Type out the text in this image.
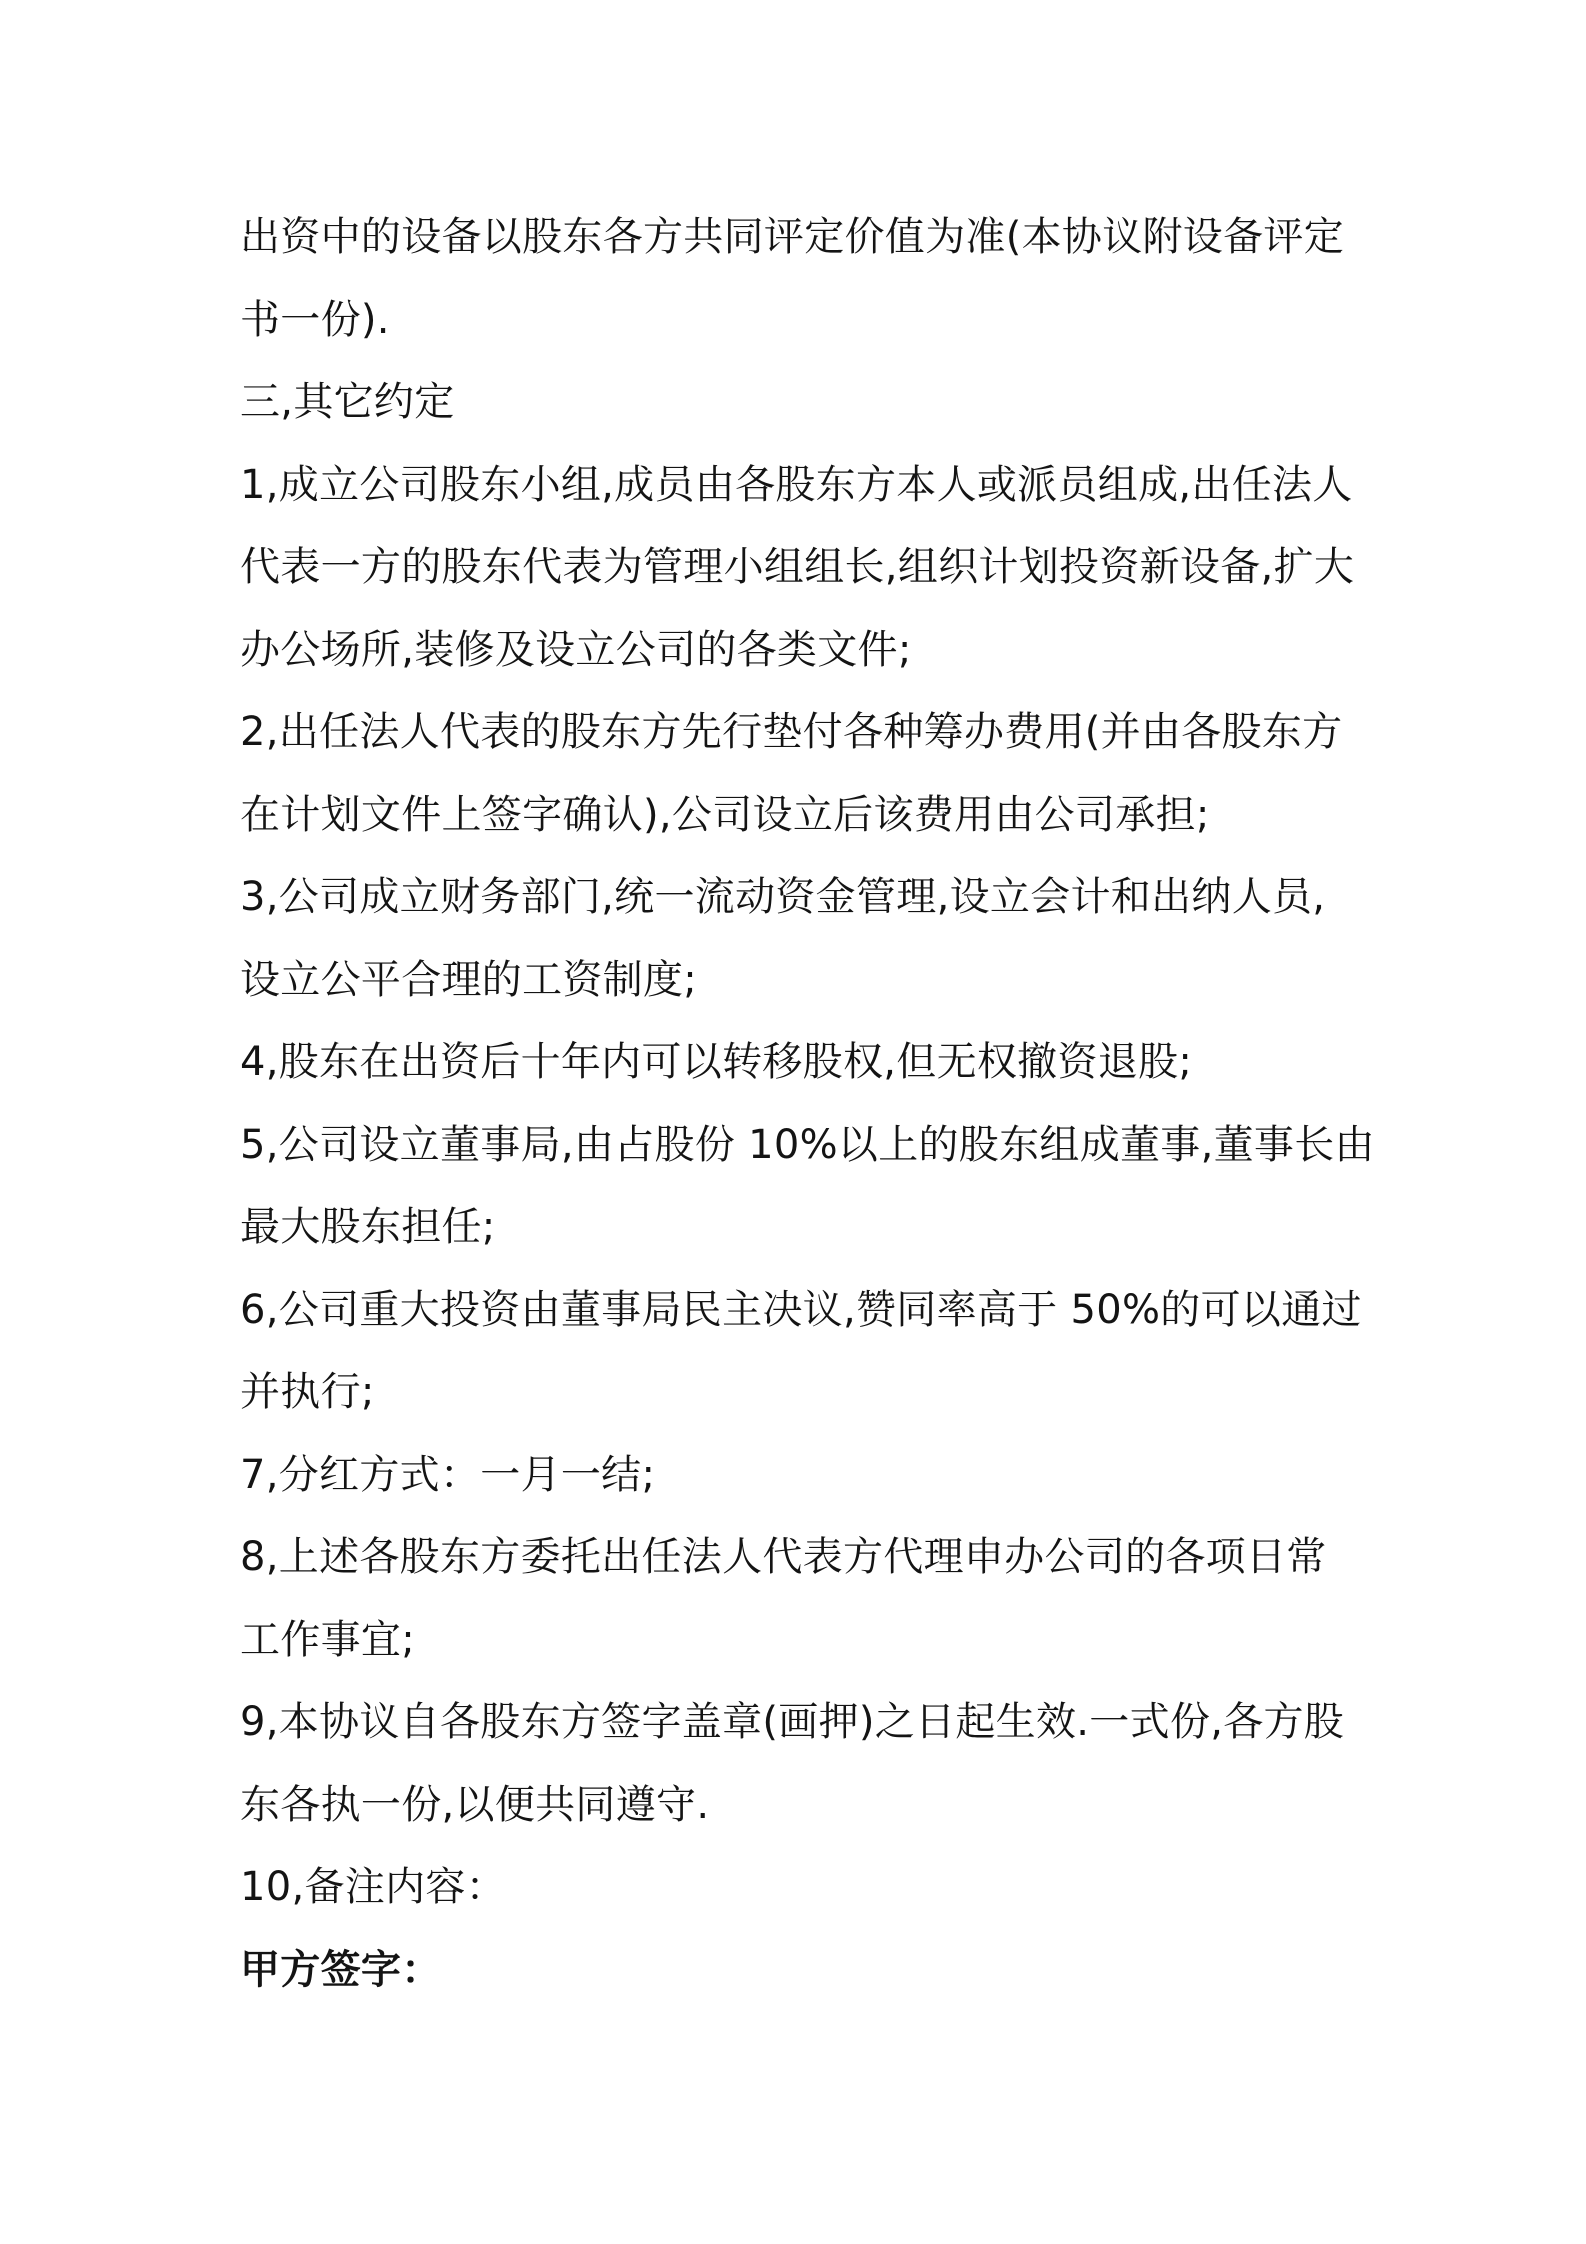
出资中的设备以股东各方共同评定价值为准(本协议附设备评定
书一份).

三,其它约定

1,成立公司股东小组,成员由各股东方本人或派员组成,出任法人
代表一方的股东代表为管理小组组长,组织计划投资新设备,扩大
办公场所,装修及设立公司的各类文件;

2,出任法人代表的股东方先行垫付各种筹办费用(并由各股东方
在计划文件上签字确认),公司设立后该费用由公司承担;

3,公司成立财务部门,统一流动资金管理,设立会计和出纳人员,
设立公平合理的工资制度;

4,股东在出资后十年内可以转移股权,但无权撤资退股;

5,公司设立董事局,由占股份 10%以上的股东组成董事,董事长由
最大股东担任;

6,公司重大投资由董事局民主决议,赞同率高于 50%的可以通过
并执行;

7,分红方式：一月一结;

8,上述各股东方委托出任法人代表方代理申办公司的各项日常
工作事宜;

9,本协议自各股东方签字盖章(画押)之日起生效.一式份,各方股
东各执一份,以便共同遵守.

10,备注内容：

甲方签字：
